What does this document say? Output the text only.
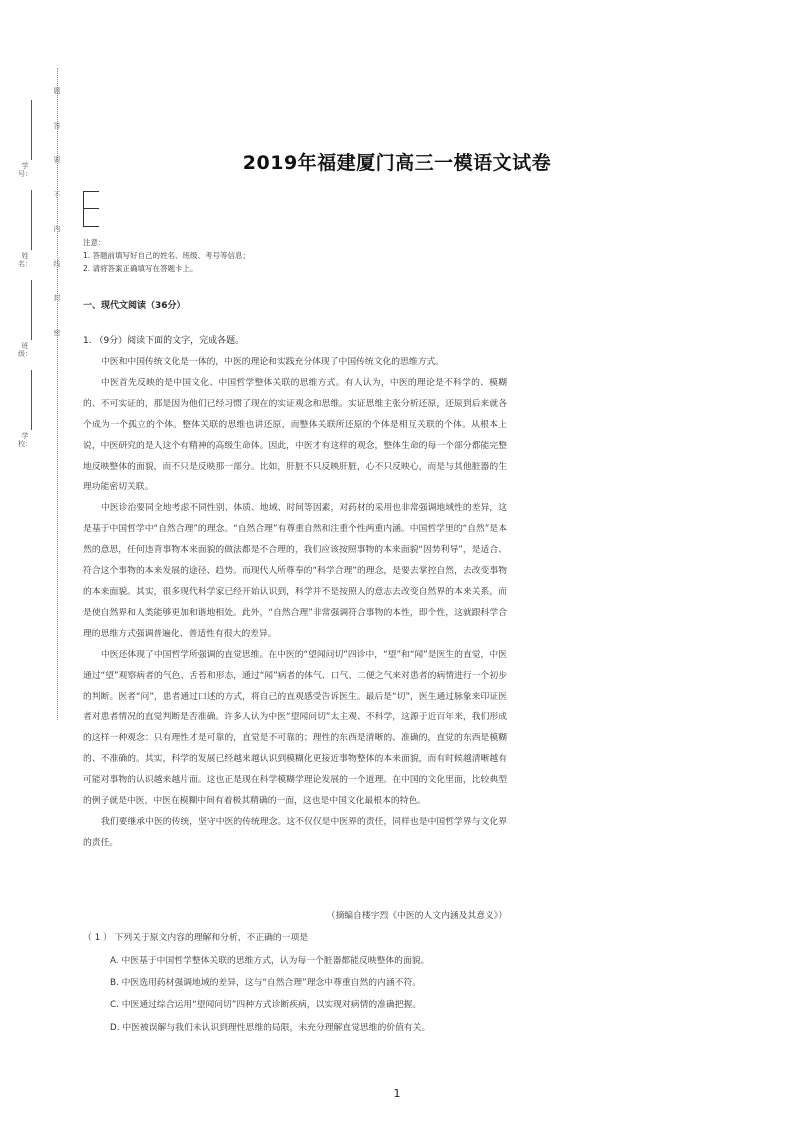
题
答
要
不
内
线
封
密
学号：
姓名：
班级：
学校：
2019年福建厦门高三一模语文试卷
注意：
1. 答题前填写好自己的姓名、班级、考号等信息；
2. 请将答案正确填写在答题卡上。
一、现代文阅读（36分）
1. （9分）阅读下面的文字，完成各题。

中医和中国传统文化是一体的，中医的理论和实践充分体现了中国传统文化的思维方式。

中医首先反映的是中国文化、中国哲学整体关联的思维方式。有人认为，中医的理论是不科学的、模糊的、不可实证的，那是因为他们已经习惯了现在的实证观念和思维。实证思维主张分析还原，还原到后来就各个成为一个孤立的个体。整体关联的思维也讲还原，而整体关联所还原的个体是相互关联的个体。从根本上说，中医研究的是人这个有精神的高级生命体。因此，中医才有这样的观念，整体生命的每一个部分都能完整地反映整体的面貌，而不只是反映那一部分。比如，肝脏不只反映肝脏，心不只反映心，而是与其他脏器的生理功能密切关联。

中医诊治要同全地考虑不同性别、体质、地域、时间等因素，对药材的采用也非常强调地域性的差异，这是基于中国哲学中“自然合理”的理念。“自然合理”有尊重自然和注重个性两重内涵。中国哲学里的“自然”是本然的意思，任何违背事物本来面貌的做法都是不合理的，我们应该按照事物的本来面貌“因势利导”，是适合、符合这个事物的本来发展的途径、趋势。而现代人所尊奉的“科学合理”的理念，是要去掌控自然，去改变事物的本来面貌。其实，很多现代科学家已经开始认识到，科学并不是按照人的意志去改变自然界的本来关系，而是使自然界和人类能够更加和谐地相处。此外，“自然合理”非常强调符合事物的本性，即个性，这就跟科学合理的思维方式强调普遍化、普适性有很大的差异。

中医还体现了中国哲学所强调的直觉思维。在中医的“望闻问切”四诊中，“望”和“闻”是医生的直觉，中医通过“望”观察病者的气色、舌苔和形态，通过“闻”病者的体气、口气、二便之气来对患者的病情进行一个初步的判断。医者“问”，患者通过口述的方式，将自己的直观感受告诉医生。最后是“切”，医生通过脉象来印证医者对患者情况的直觉判断是否准确。许多人认为中医“望闻问切”太主观、不科学，这源于近百年来，我们形成的这样一种观念：只有理性才是可靠的，直觉是不可靠的；理性的东西是清晰的、准确的，直觉的东西是模糊的、不准确的。其实，科学的发展已经越来越认识到模糊化更接近事物整体的本来面貌，而有时候越清晰越有可能对事物的认识越来越片面。这也正是现在科学模糊学理论发展的一个道理。在中国的文化里面，比较典型的例子就是中医，中医在模糊中间有着极其精确的一面，这也是中国文化最根本的特色。

我们要继承中医的传统，坚守中医的传统理念。这不仅仅是中医界的责任，同样也是中国哲学界与文化界的责任。

（摘编自楼宇烈《中医的人文内涵及其意义》）
（ 1 ） 下列关于原文内容的理解和分析，不正确的一项是
A. 中医基于中国哲学整体关联的思维方式，认为每一个脏器都能反映整体的面貌。
B. 中医选用药材强调地域的差异，这与“自然合理”理念中尊重自然的内涵不符。
C. 中医通过综合运用“望闻问切”四种方式诊断疾病，以实现对病情的准确把握。
D. 中医被误解与我们未认识到理性思维的局限，未充分理解直觉思维的价值有关。
1
